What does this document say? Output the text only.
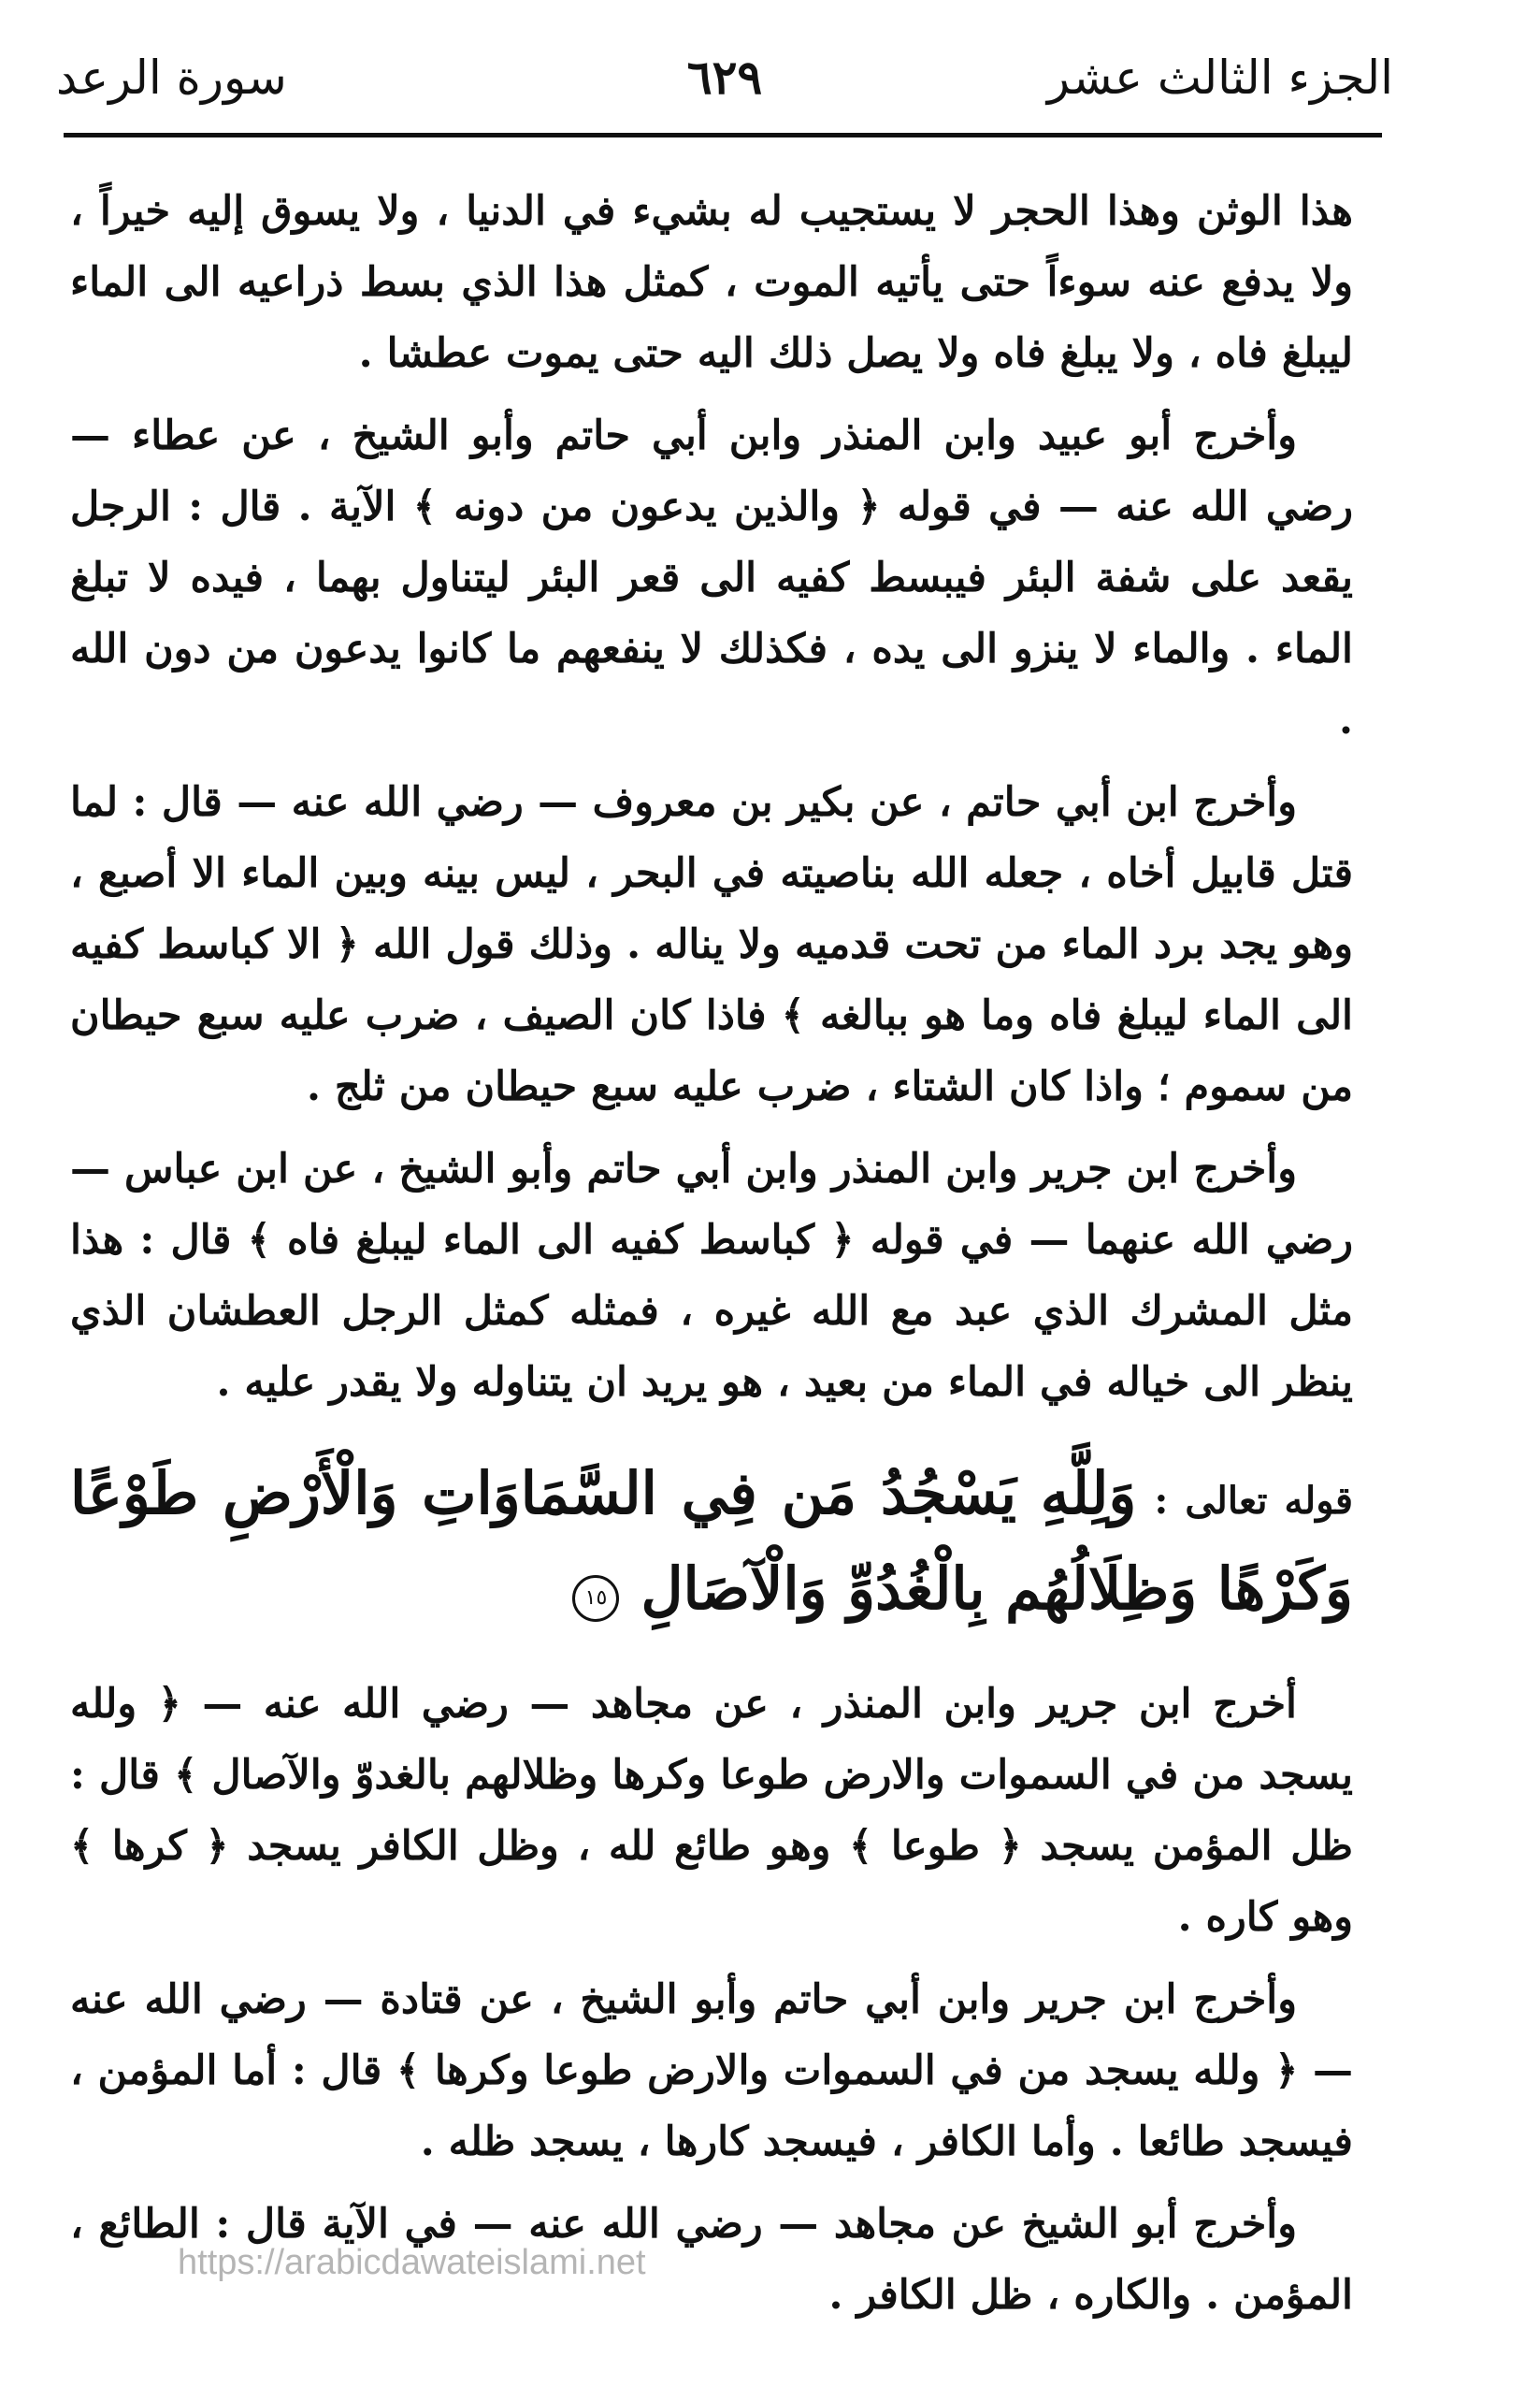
الجزء الثالث عشر
٦٢٩
سورة الرعد

هذا الوثن وهذا الحجر لا يستجيب له بشيء في الدنيا ، ولا يسوق إليه خيراً ، ولا يدفع عنه سوءاً حتى يأتيه الموت ، كمثل هذا الذي بسط ذراعيه الى الماء ليبلغ فاه ، ولا يبلغ فاه ولا يصل ذلك اليه حتى يموت عطشا .

وأخرج أبو عبيد وابن المنذر وابن أبي حاتم وأبو الشيخ ، عن عطاء — رضي الله عنه — في قوله ﴿ والذين يدعون من دونه ﴾ الآية . قال : الرجل يقعد على شفة البئر فيبسط كفيه الى قعر البئر ليتناول بهما ، فيده لا تبلغ الماء . والماء لا ينزو الى يده ، فكذلك لا ينفعهم ما كانوا يدعون من دون الله .

وأخرج ابن أبي حاتم ، عن بكير بن معروف — رضي الله عنه — قال : لما قتل قابيل أخاه ، جعله الله بناصيته في البحر ، ليس بينه وبين الماء الا أصبع ، وهو يجد برد الماء من تحت قدميه ولا يناله . وذلك قول الله ﴿ الا كباسط كفيه الى الماء ليبلغ فاه وما هو ببالغه ﴾ فاذا كان الصيف ، ضرب عليه سبع حيطان من سموم ؛ واذا كان الشتاء ، ضرب عليه سبع حيطان من ثلج .

وأخرج ابن جرير وابن المنذر وابن أبي حاتم وأبو الشيخ ، عن ابن عباس — رضي الله عنهما — في قوله ﴿ كباسط كفيه الى الماء ليبلغ فاه ﴾ قال : هذا مثل المشرك الذي عبد مع الله غيره ، فمثله كمثل الرجل العطشان الذي ينظر الى خياله في الماء من بعيد ، هو يريد ان يتناوله ولا يقدر عليه .

قوله تعالى : وَلِلَّهِ يَسْجُدُ مَن فِي السَّمَاوَاتِ وَالْأَرْضِ طَوْعًا وَكَرْهًا وَظِلَالُهُم بِالْغُدُوِّ وَالْآصَالِ ١٥

أخرج ابن جرير وابن المنذر ، عن مجاهد — رضي الله عنه — ﴿ ولله يسجد من في السموات والارض طوعا وكرها وظلالهم بالغدوّ والآصال ﴾ قال : ظل المؤمن يسجد ﴿ طوعا ﴾ وهو طائع لله ، وظل الكافر يسجد ﴿ كرها ﴾ وهو كاره .

وأخرج ابن جرير وابن أبي حاتم وأبو الشيخ ، عن قتادة — رضي الله عنه — ﴿ ولله يسجد من في السموات والارض طوعا وكرها ﴾ قال : أما المؤمن ، فيسجد طائعا . وأما الكافر ، فيسجد كارها ، يسجد ظله .

وأخرج أبو الشيخ عن مجاهد — رضي الله عنه — في الآية قال : الطائع ، المؤمن . والكاره ، ظل الكافر .

https://arabicdawateislami.net
